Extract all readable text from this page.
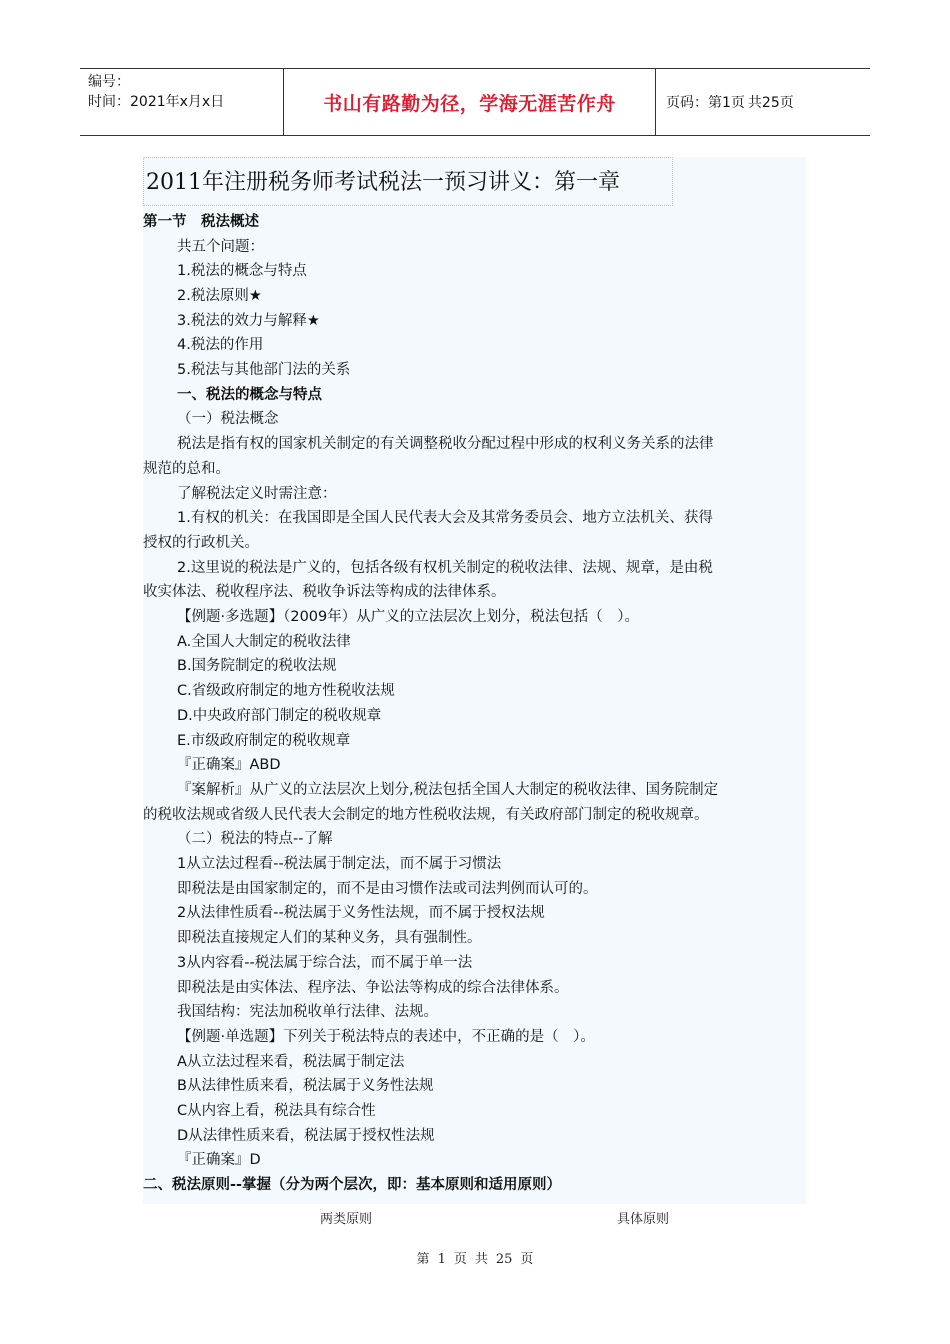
编号：
时间：2021年x月x日	书山有路勤为径，学海无涯苦作舟	页码：第1页 共25页
2011年注册税务师考试税法一预习讲义：第一章
第一节　税法概述
共五个问题：
1.税法的概念与特点
2.税法原则★
3.税法的效力与解释★
4.税法的作用
5.税法与其他部门法的关系
一、税法的概念与特点
（一）税法概念
税法是指有权的国家机关制定的有关调整税收分配过程中形成的权利义务关系的法律
规范的总和。
了解税法定义时需注意：
1.有权的机关：在我国即是全国人民代表大会及其常务委员会、地方立法机关、获得
授权的行政机关。
2.这里说的税法是广义的，包括各级有权机关制定的税收法律、法规、规章，是由税
收实体法、税收程序法、税收争诉法等构成的法律体系。
【例题·多选题】（2009年）从广义的立法层次上划分，税法包括（　）。
A.全国人大制定的税收法律
B.国务院制定的税收法规
C.省级政府制定的地方性税收法规
D.中央政府部门制定的税收规章
E.市级政府制定的税收规章
『正确案』ABD
『案解析』从广义的立法层次上划分,税法包括全国人大制定的税收法律、国务院制定
的税收法规或省级人民代表大会制定的地方性税收法规，有关政府部门制定的税收规章。
（二）税法的特点--了解
1从立法过程看--税法属于制定法，而不属于习惯法
即税法是由国家制定的，而不是由习惯作法或司法判例而认可的。
2从法律性质看--税法属于义务性法规，而不属于授权法规
即税法直接规定人们的某种义务，具有强制性。
3从内容看--税法属于综合法，而不属于单一法
即税法是由实体法、程序法、争讼法等构成的综合法律体系。
我国结构：宪法加税收单行法律、法规。
【例题·单选题】下列关于税法特点的表述中，不正确的是（　）。
A从立法过程来看，税法属于制定法
B从法律性质来看，税法属于义务性法规
C从内容上看，税法具有综合性
D从法律性质来看，税法属于授权性法规
『正确案』D
二、税法原则--掌握（分为两个层次，即：基本原则和适用原则）
两类原则	具体原则
第 1 页 共 25 页
